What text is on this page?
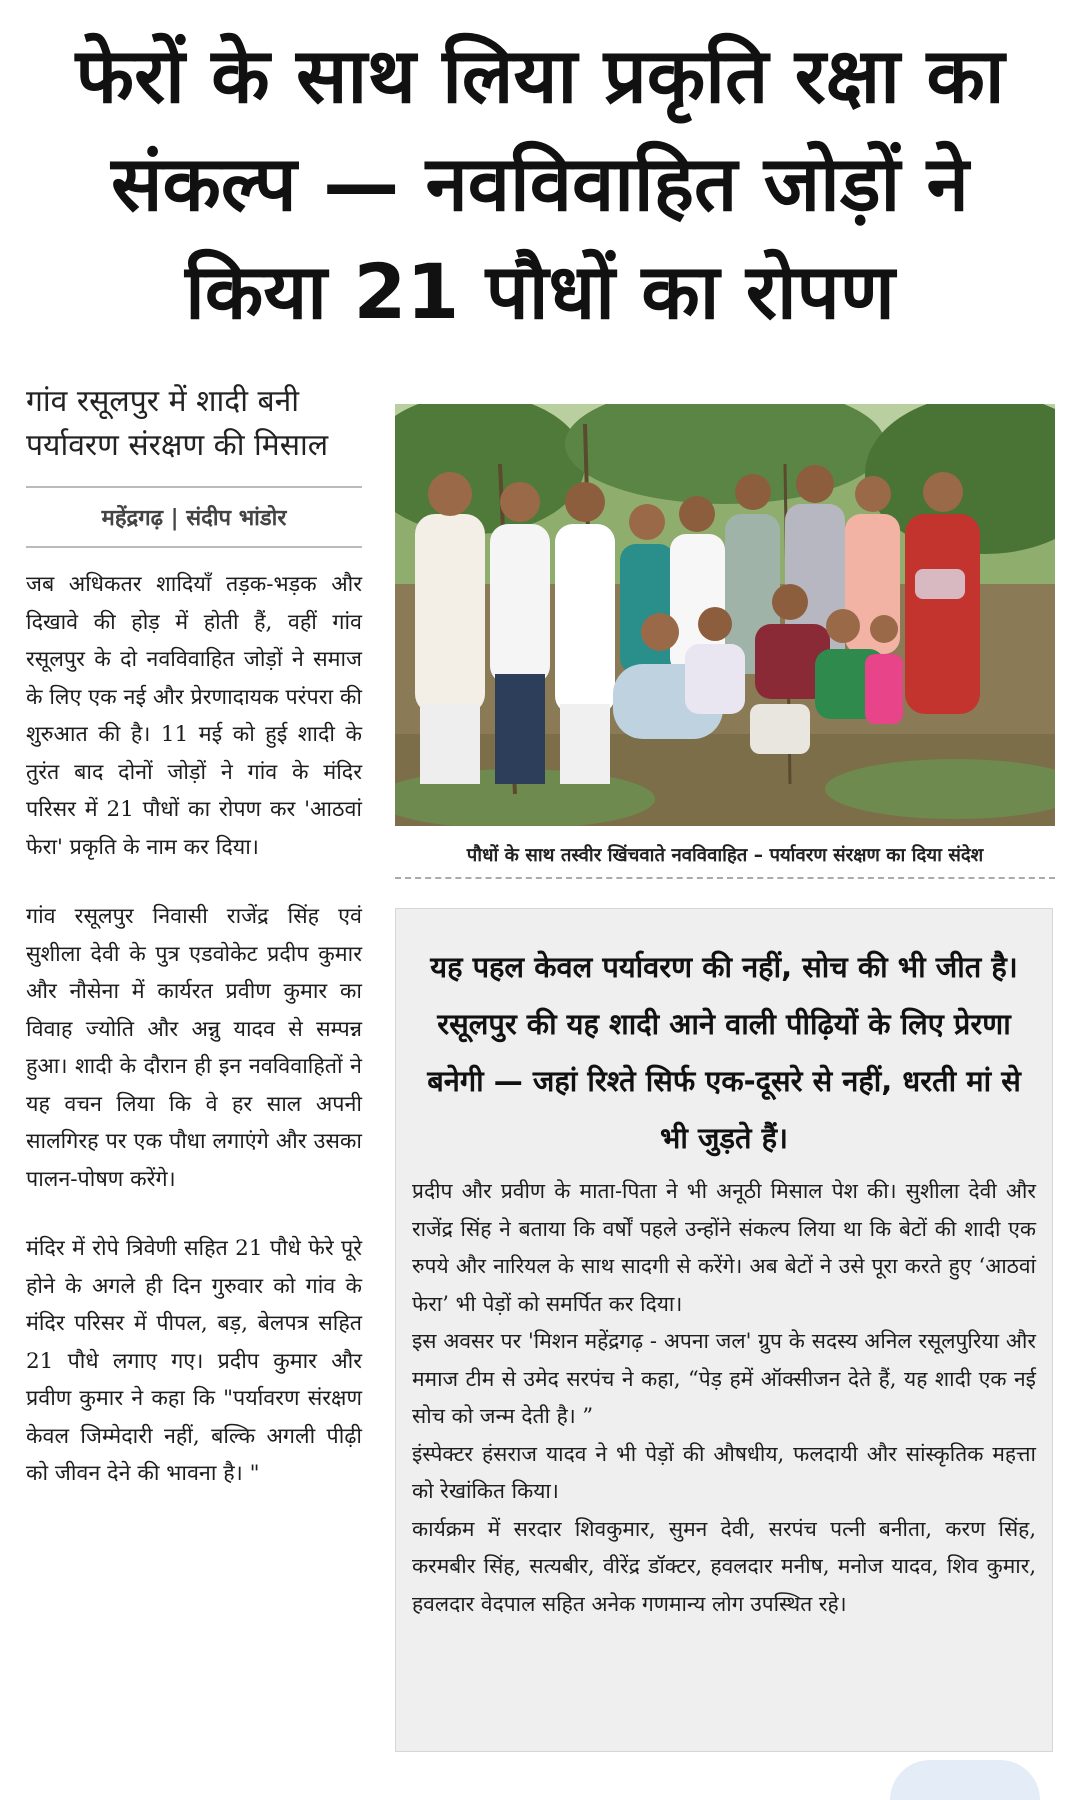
फेरों के साथ लिया प्रकृति रक्षा का
संकल्प — नवविवाहित जोड़ों ने
किया 21 पौधों का रोपण
गांव रसूलपुर में शादी बनी पर्यावरण संरक्षण की मिसाल
महेंद्रगढ़ | संदीप भांडोर

जब अधिकतर शादियाँ तड़क-भड़क और दिखावे की होड़ में होती हैं, वहीं गांव रसूलपुर के दो नवविवाहित जोड़ों ने समाज के लिए एक नई और प्रेरणादायक परंपरा की शुरुआत की है। 11 मई को हुई शादी के तुरंत बाद दोनों जोड़ों ने गांव के मंदिर परिसर में 21 पौधों का रोपण कर 'आठवां फेरा' प्रकृति के नाम कर दिया।

गांव रसूलपुर निवासी राजेंद्र सिंह एवं सुशीला देवी के पुत्र एडवोकेट प्रदीप कुमार और नौसेना में कार्यरत प्रवीण कुमार का विवाह ज्योति और अन्नु यादव से सम्पन्न हुआ। शादी के दौरान ही इन नवविवाहितों ने यह वचन लिया कि वे हर साल अपनी सालगिरह पर एक पौधा लगाएंगे और उसका पालन-पोषण करेंगे।

मंदिर में रोपे त्रिवेणी सहित 21 पौधे फेरे पूरे होने के अगले ही दिन गुरुवार को गांव के मंदिर परिसर में पीपल, बड़, बेलपत्र सहित 21 पौधे लगाए गए। प्रदीप कुमार और प्रवीण कुमार ने कहा कि "पर्यावरण संरक्षण केवल जिम्मेदारी नहीं, बल्कि अगली पीढ़ी को जीवन देने की भावना है। "

पौधों के साथ तस्वीर खिंचवाते नवविवाहित – पर्यावरण संरक्षण का दिया संदेश
यह पहल केवल पर्यावरण की नहीं, सोच की भी जीत है। रसूलपुर की यह शादी आने वाली पीढ़ियों के लिए प्रेरणा बनेगी — जहां रिश्ते सिर्फ एक-दूसरे से नहीं, धरती मां से भी जुड़ते हैं।

प्रदीप और प्रवीण के माता-पिता ने भी अनूठी मिसाल पेश की। सुशीला देवी और राजेंद्र सिंह ने बताया कि वर्षों पहले उन्होंने संकल्प लिया था कि बेटों की शादी एक रुपये और नारियल के साथ सादगी से करेंगे। अब बेटों ने उसे पूरा करते हुए ‘आठवां फेरा’ भी पेड़ों को समर्पित कर दिया।

इस अवसर पर 'मिशन महेंद्रगढ़ - अपना जल' ग्रुप के सदस्य अनिल रसूलपुरिया और ममाज टीम से उमेद सरपंच ने कहा, “पेड़ हमें ऑक्सीजन देते हैं, यह शादी एक नई सोच को जन्म देती है। ”

इंस्पेक्टर हंसराज यादव ने भी पेड़ों की औषधीय, फलदायी और सांस्कृतिक महत्ता को रेखांकित किया।

कार्यक्रम में सरदार शिवकुमार, सुमन देवी, सरपंच पत्नी बनीता, करण सिंह, करमबीर सिंह, सत्यबीर, वीरेंद्र डॉक्टर, हवलदार मनीष, मनोज यादव, शिव कुमार, हवलदार वेदपाल सहित अनेक गणमान्य लोग उपस्थित रहे।
